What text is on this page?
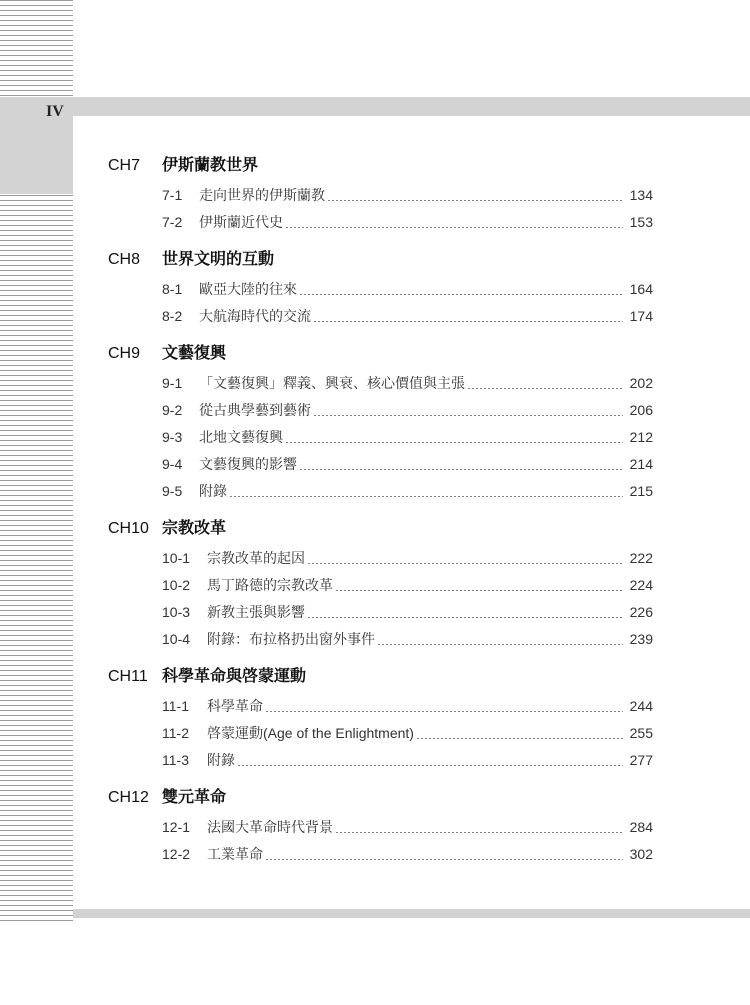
IV
CH7	伊斯蘭教世界
7-1	走向世界的伊斯蘭教	134
7-2	伊斯蘭近代史	153
CH8	世界文明的互動
8-1	歐亞大陸的往來	164
8-2	大航海時代的交流	174
CH9	文藝復興
9-1	「文藝復興」釋義、興衰、核心價值與主張	202
9-2	從古典學藝到藝術	206
9-3	北地文藝復興	212
9-4	文藝復興的影響	214
9-5	附錄	215
CH10 宗教改革
10-1	宗教改革的起因	222
10-2	馬丁路德的宗教改革	224
10-3	新教主張與影響	226
10-4	附錄：布拉格扔出窗外事件	239
CH11 科學革命與啓蒙運動
11-1	科學革命	244
11-2	啓蒙運動(Age of the Enlightment)	255
11-3	附錄	277
CH12 雙元革命
12-1	法國大革命時代背景	284
12-2	工業革命	302
